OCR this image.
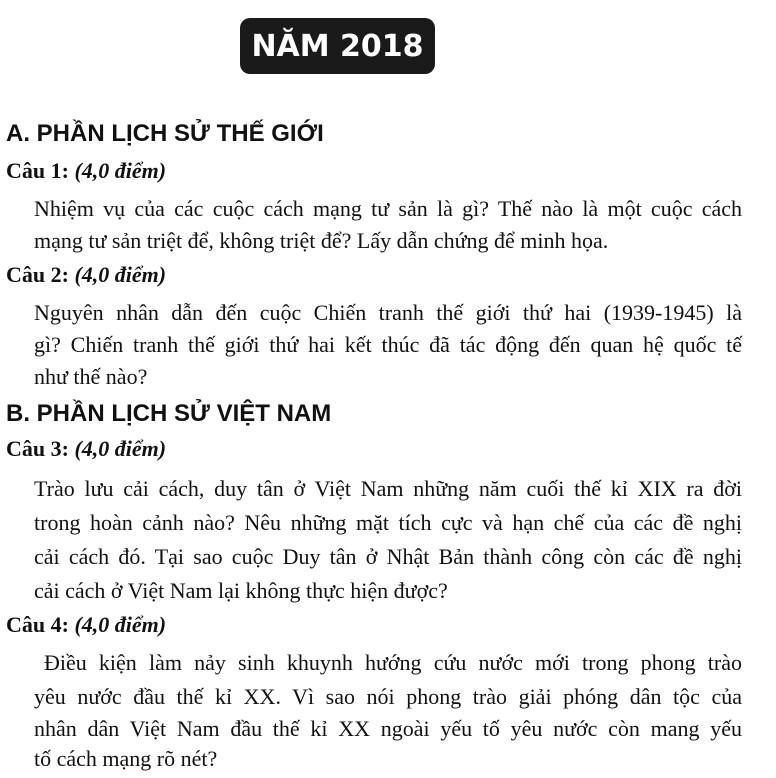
NĂM 2018
A. PHẦN LỊCH SỬ THẾ GIỚI
Câu 1: (4,0 điểm)
Nhiệm vụ của các cuộc cách mạng tư sản là gì? Thế nào là một cuộc cách
mạng tư sản triệt để, không triệt để? Lấy dẫn chứng để minh họa.
Câu 2: (4,0 điểm)
Nguyên nhân dẫn đến cuộc Chiến tranh thế giới thứ hai (1939-1945) là
gì? Chiến tranh thế giới thứ hai kết thúc đã tác động đến quan hệ quốc tế
như thế nào?
B. PHẦN LỊCH SỬ VIỆT NAM
Câu 3: (4,0 điểm)
Trào lưu cải cách, duy tân ở Việt Nam những năm cuối thế kỉ XIX ra đời
trong hoàn cảnh nào? Nêu những mặt tích cực và hạn chế của các đề nghị
cải cách đó. Tại sao cuộc Duy tân ở Nhật Bản thành công còn các đề nghị
cải cách ở Việt Nam lại không thực hiện được?
Câu 4: (4,0 điểm)
Điều kiện làm nảy sinh khuynh hướng cứu nước mới trong phong trào
yêu nước đầu thế kỉ XX. Vì sao nói phong trào giải phóng dân tộc của
nhân dân Việt Nam đầu thế kỉ XX ngoài yếu tố yêu nước còn mang yếu
tố cách mạng rõ nét?
